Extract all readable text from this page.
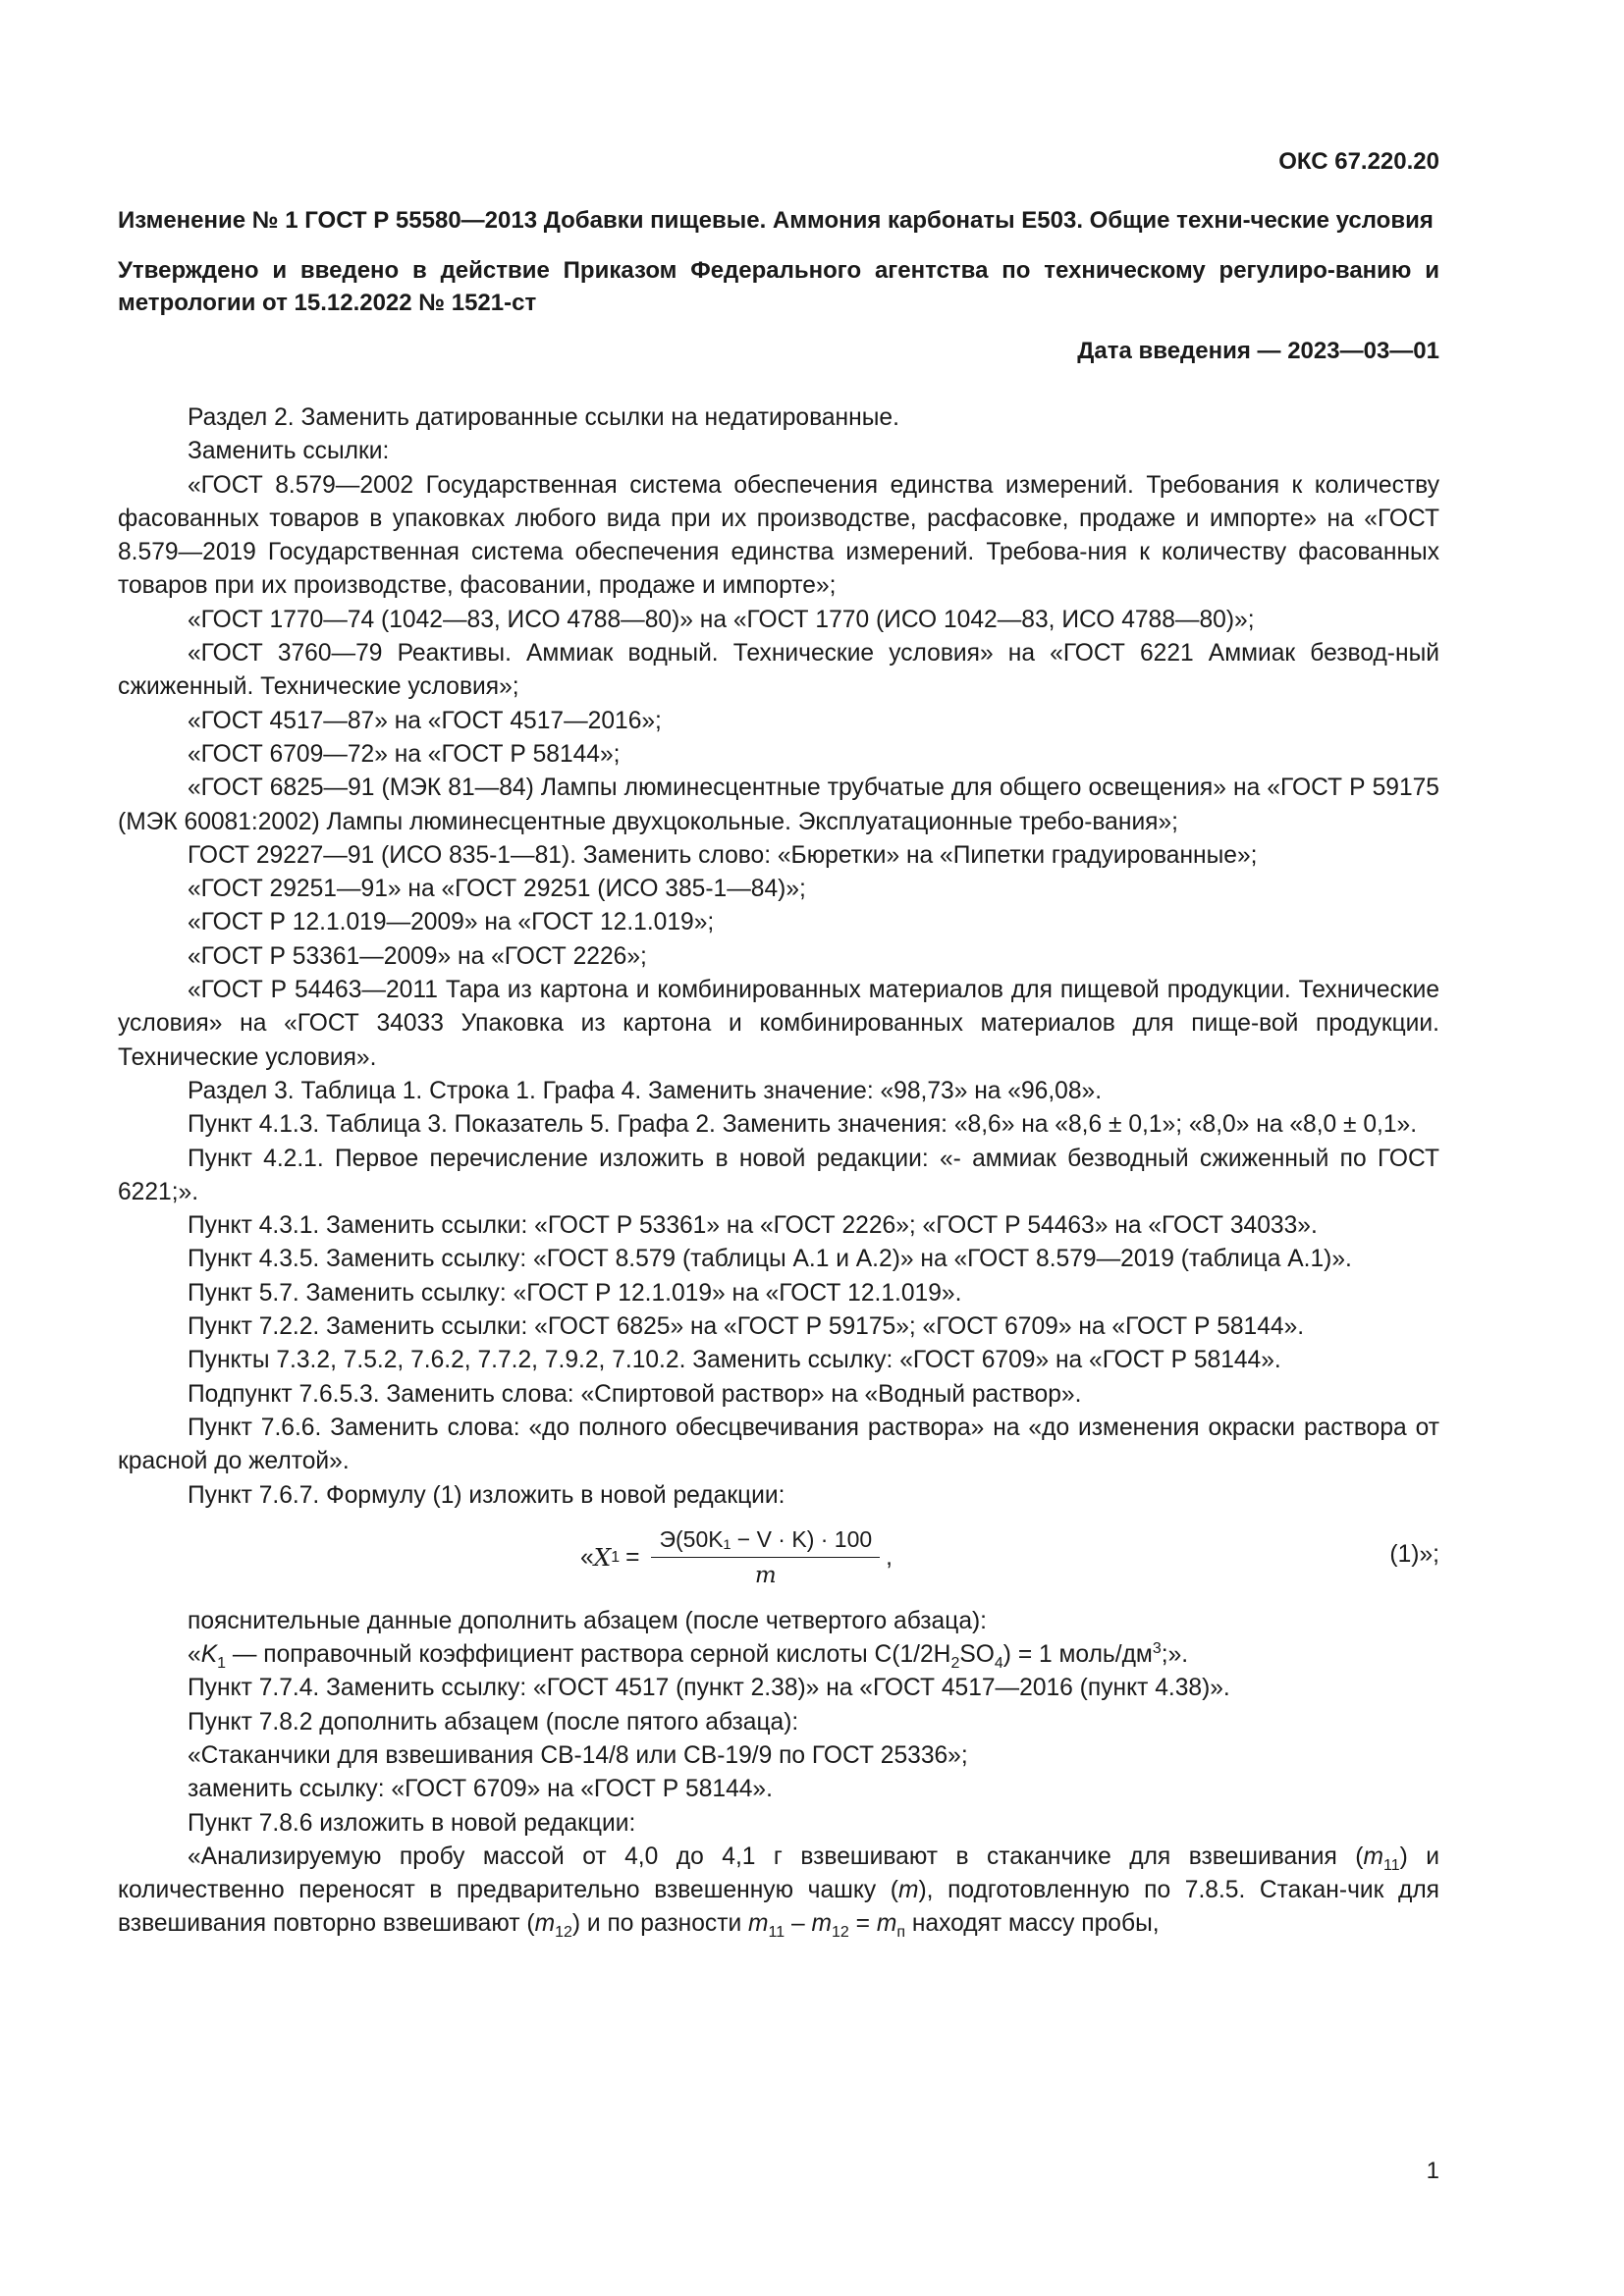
ОКС 67.220.20
Изменение № 1 ГОСТ Р 55580—2013 Добавки пищевые. Аммония карбонаты Е503. Общие техни-ческие условия
Утверждено и введено в действие Приказом Федерального агентства по техническому регулиро-ванию и метрологии от 15.12.2022 № 1521-ст
Дата введения — 2023—03—01

Раздел 2. Заменить датированные ссылки на недатированные.

Заменить ссылки:

«ГОСТ 8.579—2002 Государственная система обеспечения единства измерений. Требования к количеству фасованных товаров в упаковках любого вида при их производстве, расфасовке, продаже и импорте» на «ГОСТ 8.579—2019 Государственная система обеспечения единства измерений. Требова-ния к количеству фасованных товаров при их производстве, фасовании, продаже и импорте»;

«ГОСТ 1770—74 (1042—83, ИСО 4788—80)» на «ГОСТ 1770 (ИСО 1042—83, ИСО 4788—80)»;

«ГОСТ 3760—79 Реактивы. Аммиак водный. Технические условия» на «ГОСТ 6221 Аммиак безвод-ный сжиженный. Технические условия»;

«ГОСТ 4517—87» на «ГОСТ 4517—2016»;

«ГОСТ 6709—72» на «ГОСТ Р 58144»;

«ГОСТ 6825—91 (МЭК 81—84) Лампы люминесцентные трубчатые для общего освещения» на «ГОСТ Р 59175 (МЭК 60081:2002) Лампы люминесцентные двухцокольные. Эксплуатационные требо-вания»;

ГОСТ 29227—91 (ИСО 835-1—81). Заменить слово: «Бюретки» на «Пипетки градуированные»;

«ГОСТ 29251—91» на «ГОСТ 29251 (ИСО 385-1—84)»;

«ГОСТ Р 12.1.019—2009» на «ГОСТ 12.1.019»;

«ГОСТ Р 53361—2009» на «ГОСТ 2226»;

«ГОСТ Р 54463—2011 Тара из картона и комбинированных материалов для пищевой продукции. Технические условия» на «ГОСТ 34033 Упаковка из картона и комбинированных материалов для пище-вой продукции. Технические условия».

Раздел 3. Таблица 1. Строка 1. Графа 4. Заменить значение: «98,73» на «96,08».

Пункт 4.1.3. Таблица 3. Показатель 5. Графа 2. Заменить значения: «8,6» на «8,6 ± 0,1»; «8,0» на «8,0 ± 0,1».

Пункт 4.2.1. Первое перечисление изложить в новой редакции: «- аммиак безводный сжиженный по ГОСТ 6221;».

Пункт 4.3.1. Заменить ссылки: «ГОСТ Р 53361» на «ГОСТ 2226»; «ГОСТ Р 54463» на «ГОСТ 34033».

Пункт 4.3.5. Заменить ссылку: «ГОСТ 8.579 (таблицы А.1 и А.2)» на «ГОСТ 8.579—2019 (таблица А.1)».

Пункт 5.7. Заменить ссылку: «ГОСТ Р 12.1.019» на «ГОСТ 12.1.019».

Пункт 7.2.2. Заменить ссылки: «ГОСТ 6825» на «ГОСТ Р 59175»; «ГОСТ 6709» на «ГОСТ Р 58144».

Пункты 7.3.2, 7.5.2, 7.6.2, 7.7.2, 7.9.2, 7.10.2. Заменить ссылку: «ГОСТ 6709» на «ГОСТ Р 58144».

Подпункт 7.6.5.3. Заменить слова: «Спиртовой раствор» на «Водный раствор».

Пункт 7.6.6. Заменить слова: «до полного обесцвечивания раствора» на «до изменения окраски раствора от красной до желтой».

Пункт 7.6.7. Формулу (1) изложить в новой редакции:

« X $1 = \frac{\text{Э(50K₁ − V · K) · 100}}{m}$ ,	(1)»;

пояснительные данные дополнить абзацем (после четвертого абзаца):

«$K_1$ — поправочный коэффициент раствора серной кислоты $С(1/2H_2SO_4) = 1$ моль/$дм^3$;».

Пункт 7.7.4. Заменить ссылку: «ГОСТ 4517 (пункт 2.38)» на «ГОСТ 4517—2016 (пункт 4.38)».

Пункт 7.8.2 дополнить абзацем (после пятого абзаца):

«Стаканчики для взвешивания СВ-14/8 или СВ-19/9 по ГОСТ 25336»;

заменить ссылку: «ГОСТ 6709» на «ГОСТ Р 58144».

Пункт 7.8.6 изложить в новой редакции:

«Анализируемую пробу массой от 4,0 до 4,1 г взвешивают в стаканчике для взвешивания $(m_{11})$ и количественно переносят в предварительно взвешенную чашку (m), подготовленную по 7.8.5. Стакан-чик для взвешивания повторно взвешивают $(m_{12})$ и по разности $m_{11} - m_{12} = m_п$ находят массу пробы,

1
